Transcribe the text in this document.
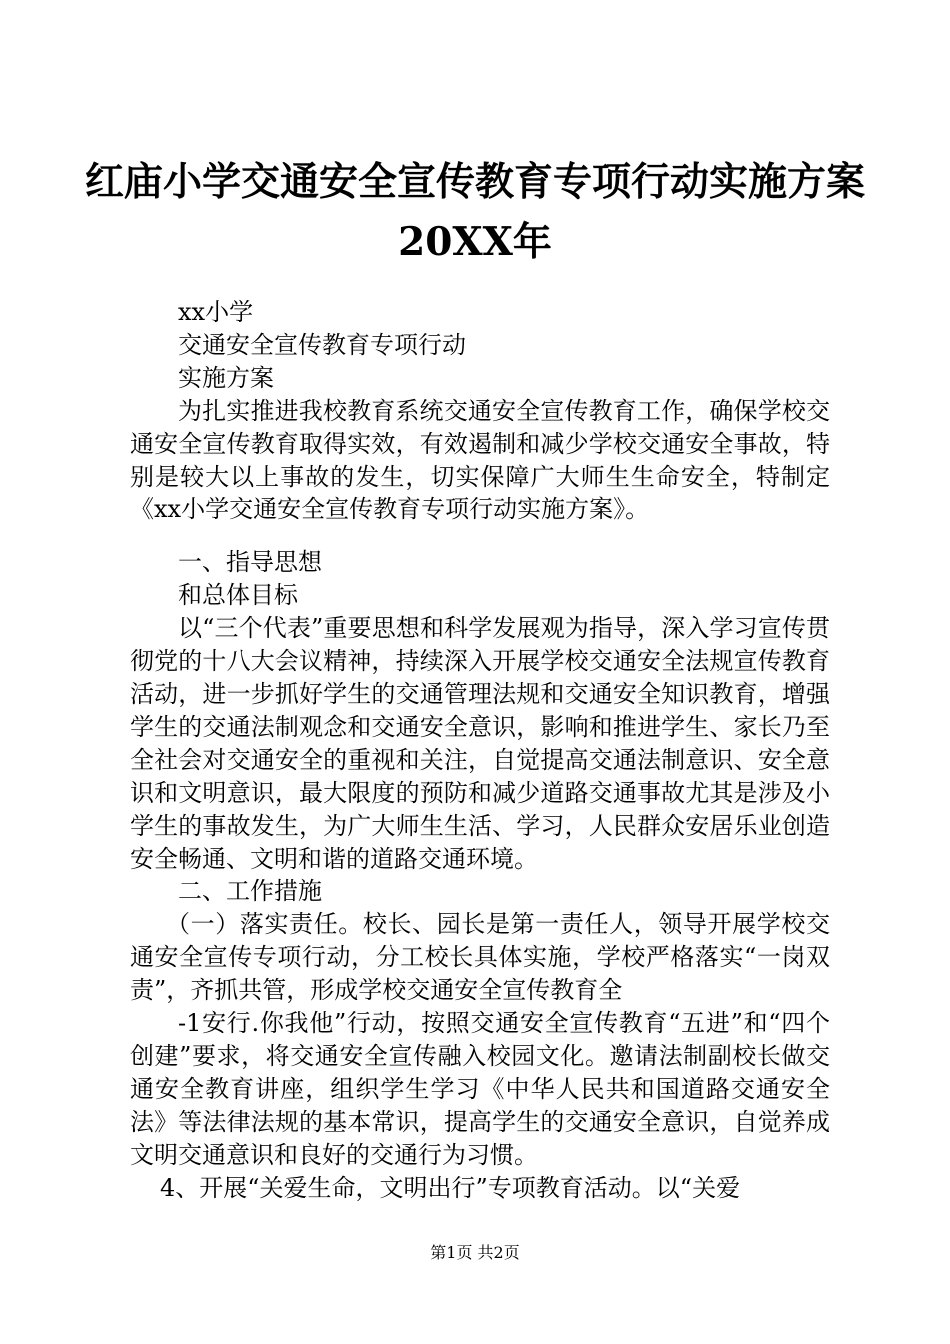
红庙小学交通安全宣传教育专项行动实施方案
20XX年

xx小学

交通安全宣传教育专项行动

实施方案

为扎实推进我校教育系统交通安全宣传教育工作，确保学校交通安全宣传教育取得实效，有效遏制和减少学校交通安全事故，特别是较大以上事故的发生，切实保障广大师生生命安全，特制定《xx小学交通安全宣传教育专项行动实施方案》。

一、指导思想

和总体目标

以“三个代表”重要思想和科学发展观为指导，深入学习宣传贯彻党的十八大会议精神，持续深入开展学校交通安全法规宣传教育活动，进一步抓好学生的交通管理法规和交通安全知识教育，增强学生的交通法制观念和交通安全意识，影响和推进学生、家长乃至全社会对交通安全的重视和关注，自觉提高交通法制意识、安全意识和文明意识，最大限度的预防和减少道路交通事故尤其是涉及小学生的事故发生，为广大师生生活、学习，人民群众安居乐业创造安全畅通、文明和谐的道路交通环境。

二、工作措施

（一）落实责任。校长、园长是第一责任人，领导开展学校交通安全宣传专项行动，分工校长具体实施，学校严格落实“一岗双责”，齐抓共管，形成学校交通安全宣传教育全

-1安行.你我他”行动，按照交通安全宣传教育“五进”和“四个创建”要求，将交通安全宣传融入校园文化。邀请法制副校长做交通安全教育讲座，组织学生学习《中华人民共和国道路交通安全法》等法律法规的基本常识，提高学生的交通安全意识，自觉养成文明交通意识和良好的交通行为习惯。

4、开展“关爱生命，文明出行”专项教育活动。以“关爱

第1页 共2页
